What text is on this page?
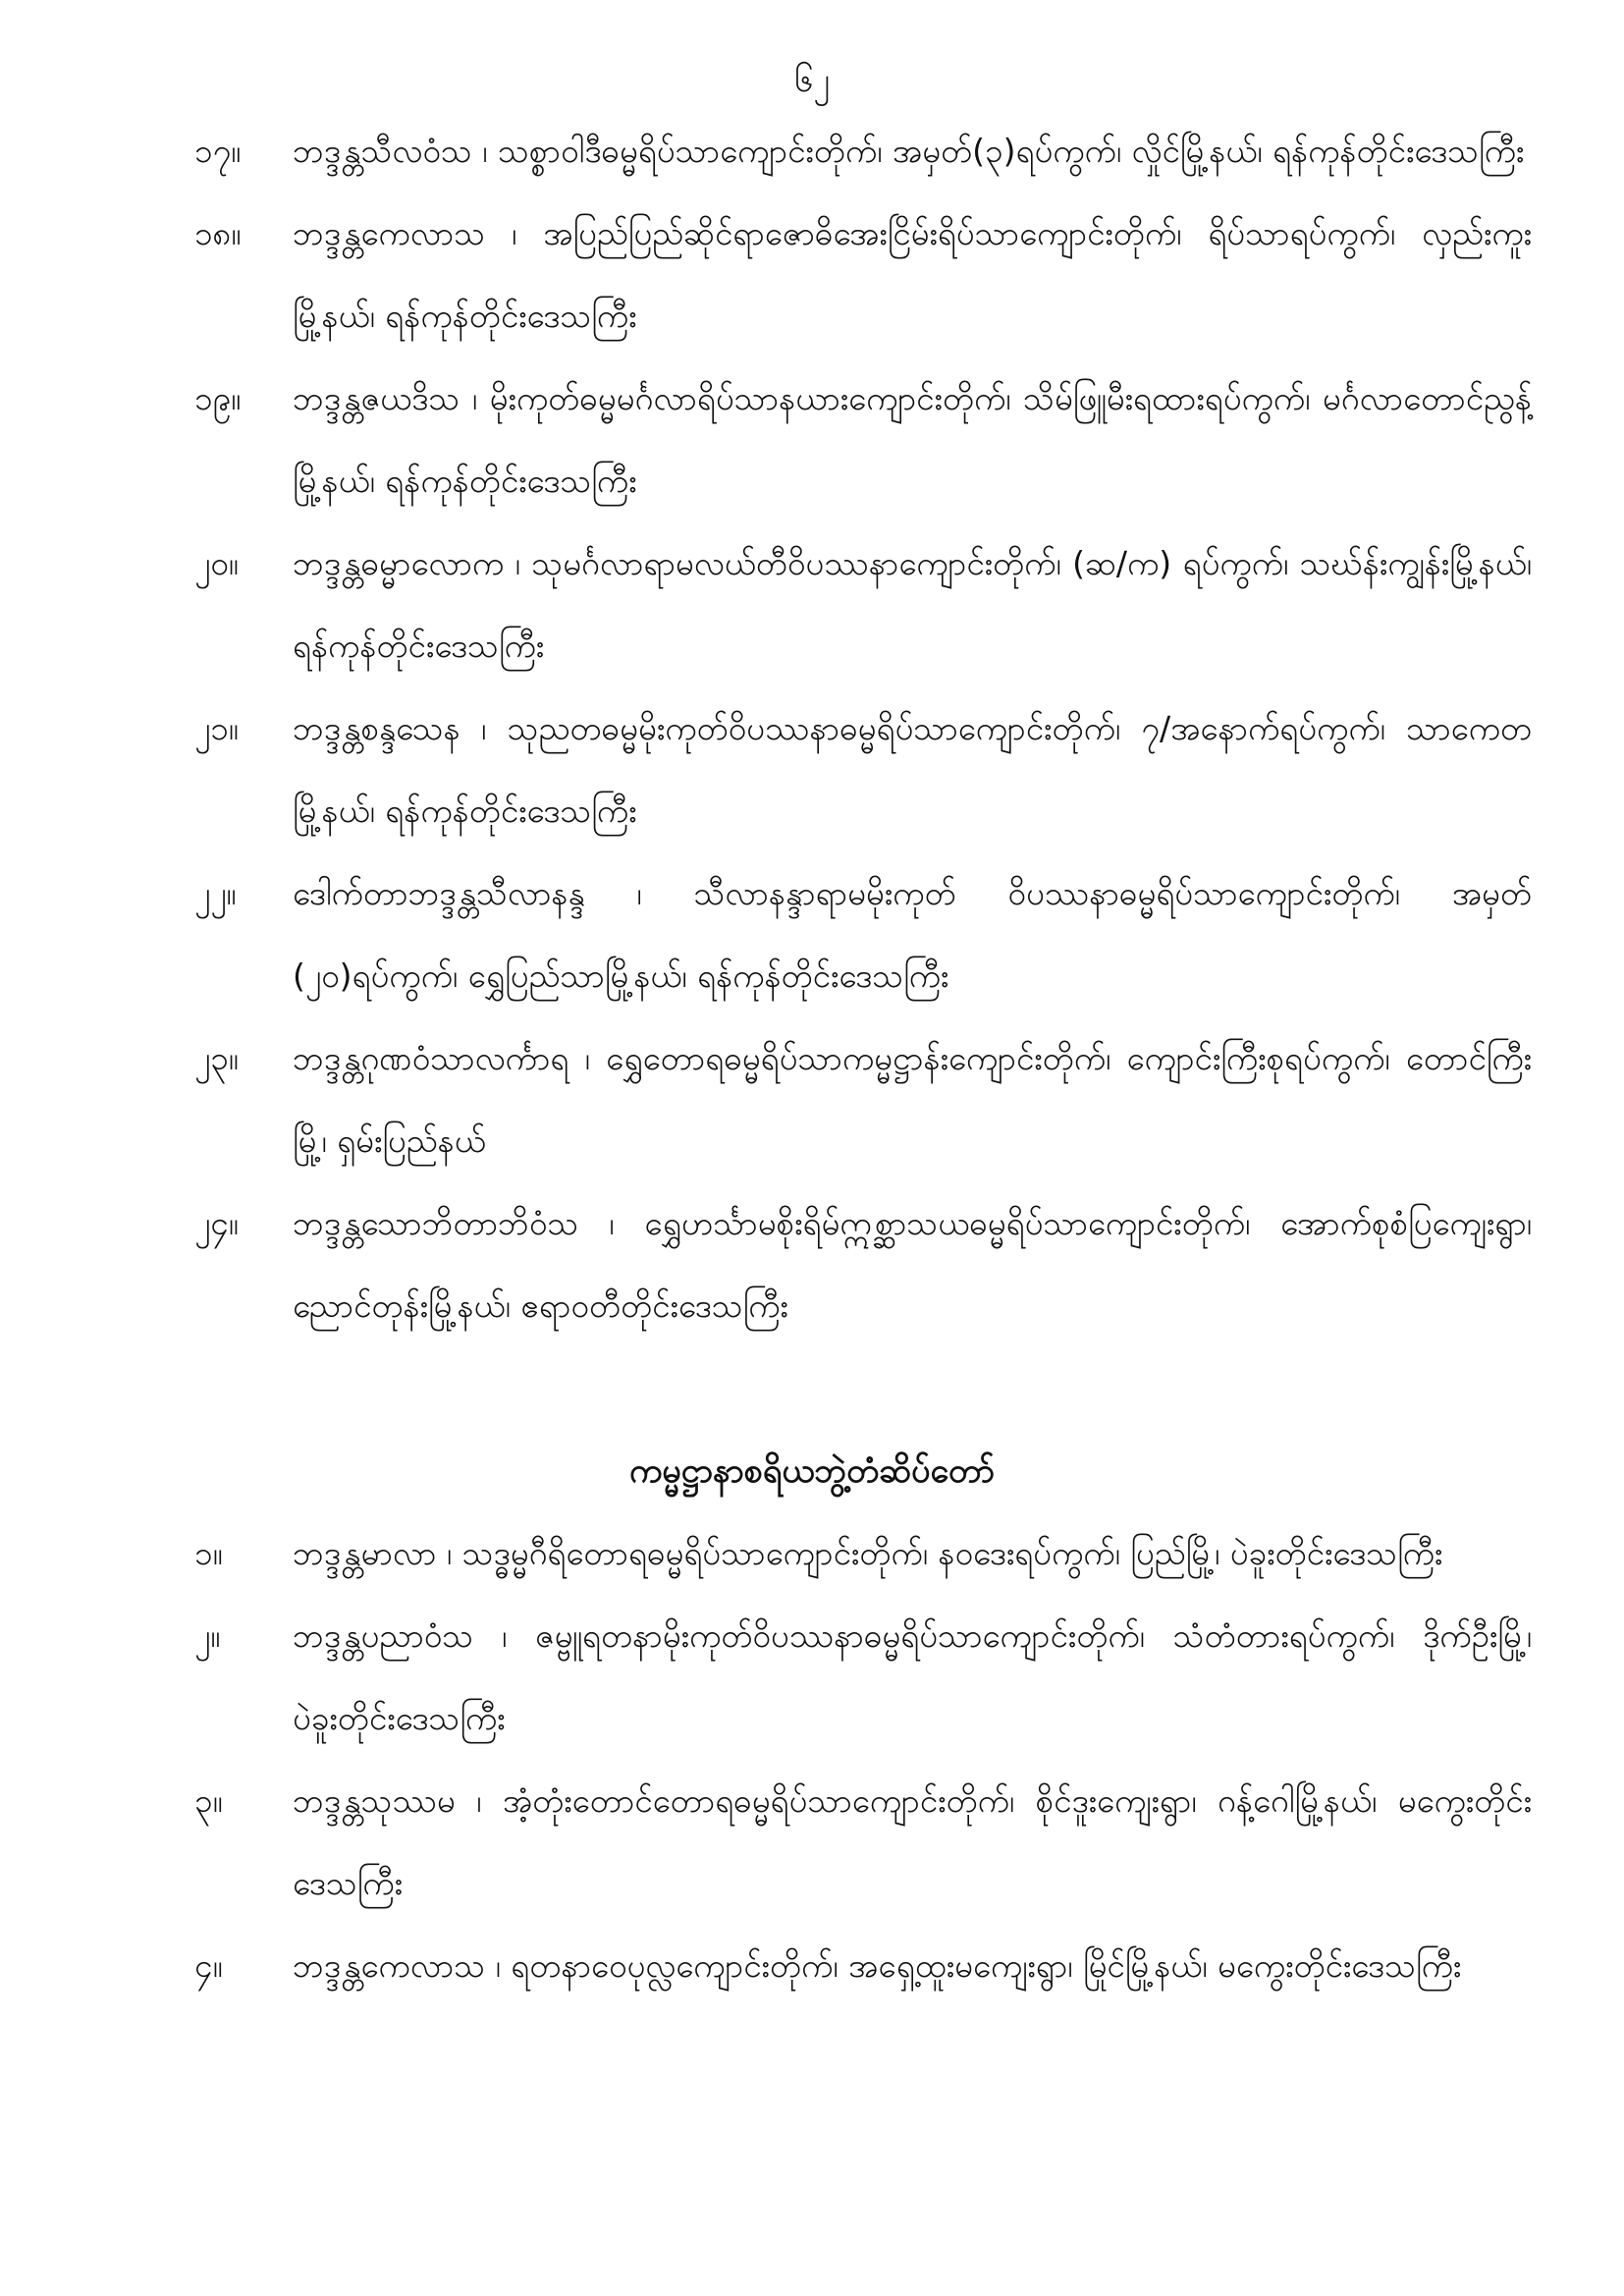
၆၂
၁၇။	ဘဒ္ဒန္တသီလဝံသ ၊ သစ္စာဝါဒီဓမ္မရိပ်သာကျောင်းတိုက်၊ အမှတ်(၃)ရပ်ကွက်၊ လှိုင်မြို့နယ်၊ ရန်ကုန်တိုင်းဒေသကြီး
၁၈။	ဘဒ္ဒန္တကေလာသ ၊ အပြည်ပြည်ဆိုင်ရာဇောဓိအေးငြိမ်းရိပ်သာကျောင်းတိုက်၊ ရိပ်သာရပ်ကွက်၊ လှည်းကူးမြို့နယ်၊ ရန်ကုန်တိုင်းဒေသကြီး
၁၉။	ဘဒ္ဒန္တဇယဒိသ ၊ မိုးကုတ်ဓမ္မမင်္ဂလာရိပ်သာနယားကျောင်းတိုက်၊ သိမ်ဖြူမီးရထားရပ်ကွက်၊ မင်္ဂလာတောင်ညွန့်မြို့နယ်၊ ရန်ကုန်တိုင်းဒေသကြီး
၂၀။	ဘဒ္ဒန္တဓမ္မာလောက ၊ သုမင်္ဂလာရာမလယ်တီဝိပဿနာကျောင်းတိုက်၊ (ဆ/က) ရပ်ကွက်၊ သဃ်န်းကျွန်းမြို့နယ်၊ ရန်ကုန်တိုင်းဒေသကြီး
၂၁။	ဘဒ္ဒန္တစန္ဒသေန ၊ သုညတဓမ္မမိုးကုတ်ဝိပဿနာဓမ္မရိပ်သာကျောင်းတိုက်၊ ၇/အနောက်ရပ်ကွက်၊ သာကေတမြို့နယ်၊ ရန်ကုန်တိုင်းဒေသကြီး
၂၂။	ဒေါက်တာဘဒ္ဒန္တသီလာနန္ဒ ၊ သီလာနန္ဒာရာမမိုးကုတ် ဝိပဿနာဓမ္မရိပ်သာကျောင်းတိုက်၊ အမှတ် (၂၀)ရပ်ကွက်၊ ရွှေပြည်သာမြို့နယ်၊ ရန်ကုန်တိုင်းဒေသကြီး
၂၃။	ဘဒ္ဒန္တဂုဏဝံသာလင်္ကာရ ၊ ရွှေတောရဓမ္မရိပ်သာကမ္မဋ္ဌာန်းကျောင်းတိုက်၊ ကျောင်းကြီးစုရပ်ကွက်၊ တောင်ကြီးမြို့၊ ရှမ်းပြည်နယ်
၂၄။	ဘဒ္ဒန္တသောဘိတာဘိဝံသ ၊ ရွှေဟင်္သာမစိုးရိမ်ဣစ္ဆာသယဓမ္မရိပ်သာကျောင်းတိုက်၊ အောက်စုစံပြကျေးရွာ၊ ညောင်တုန်းမြို့နယ်၊ ဧရာဝတီတိုင်းဒေသကြီး
ကမ္မဋ္ဌာနာစရိယဘွဲ့တံဆိပ်တော်
၁။	ဘဒ္ဒန္တမာလာ ၊ သဒ္ဓမ္မဂီရိတောရဓမ္မရိပ်သာကျောင်းတိုက်၊ နဝဒေးရပ်ကွက်၊ ပြည်မြို့၊ ပဲခူးတိုင်းဒေသကြီး
၂။	ဘဒ္ဒန္တပညာဝံသ ၊ ဇမ္ဗူရတနာမိုးကုတ်ဝိပဿနာဓမ္မရိပ်သာကျောင်းတိုက်၊ သံတံတားရပ်ကွက်၊ ဒိုက်ဦးမြို့၊ ပဲခူးတိုင်းဒေသကြီး
၃။	ဘဒ္ဒန္တသုဿမ ၊ အံ့တုံးတောင်တောရဓမ္မရိပ်သာကျောင်းတိုက်၊ စိုင်ဒူးကျေးရွာ၊ ဂန့်ဂေါမြို့နယ်၊ မကွေးတိုင်းဒေသကြီး
၄။	ဘဒ္ဒန္တကေလာသ ၊ ရတနာဝေပုလ္လကျောင်းတိုက်၊ အရှေ့ထူးမကျေးရွာ၊ မြိုင်မြို့နယ်၊ မကွေးတိုင်းဒေသကြီး
